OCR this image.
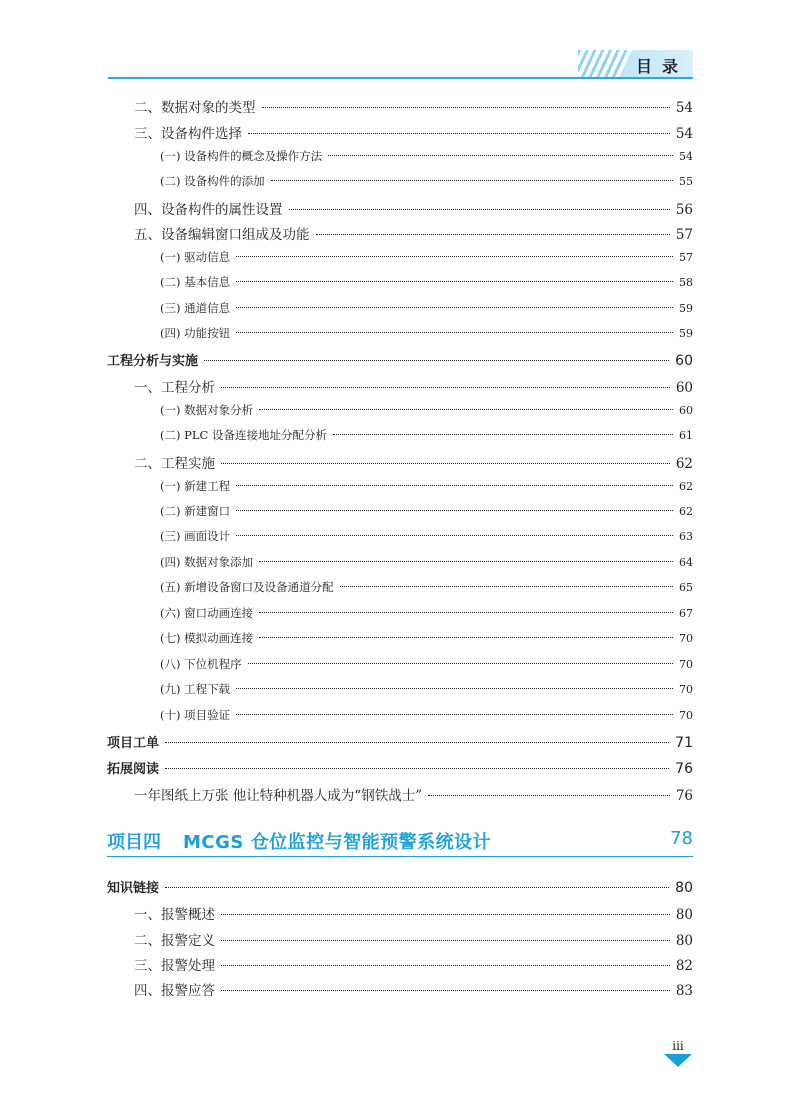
目录
二、数据对象的类型	54
三、设备构件选择	54
(一) 设备构件的概念及操作方法	54
(二) 设备构件的添加	55
四、设备构件的属性设置	56
五、设备编辑窗口组成及功能	57
(一) 驱动信息	57
(二) 基本信息	58
(三) 通道信息	59
(四) 功能按钮	59
工程分析与实施	60
一、工程分析	60
(一) 数据对象分析	60
(二) PLC 设备连接地址分配分析	61
二、工程实施	62
(一) 新建工程	62
(二) 新建窗口	62
(三) 画面设计	63
(四) 数据对象添加	64
(五) 新增设备窗口及设备通道分配	65
(六) 窗口动画连接	67
(七) 模拟动画连接	70
(八) 下位机程序	70
(九) 工程下载	70
(十) 项目验证	70
项目工单	71
拓展阅读	76
一年图纸上万张 他让特种机器人成为“钢铁战士”	76
项目四 MCGS 仓位监控与智能预警系统设计	78
知识链接	80
一、报警概述	80
二、报警定义	80
三、报警处理	82
四、报警应答	83
iii
